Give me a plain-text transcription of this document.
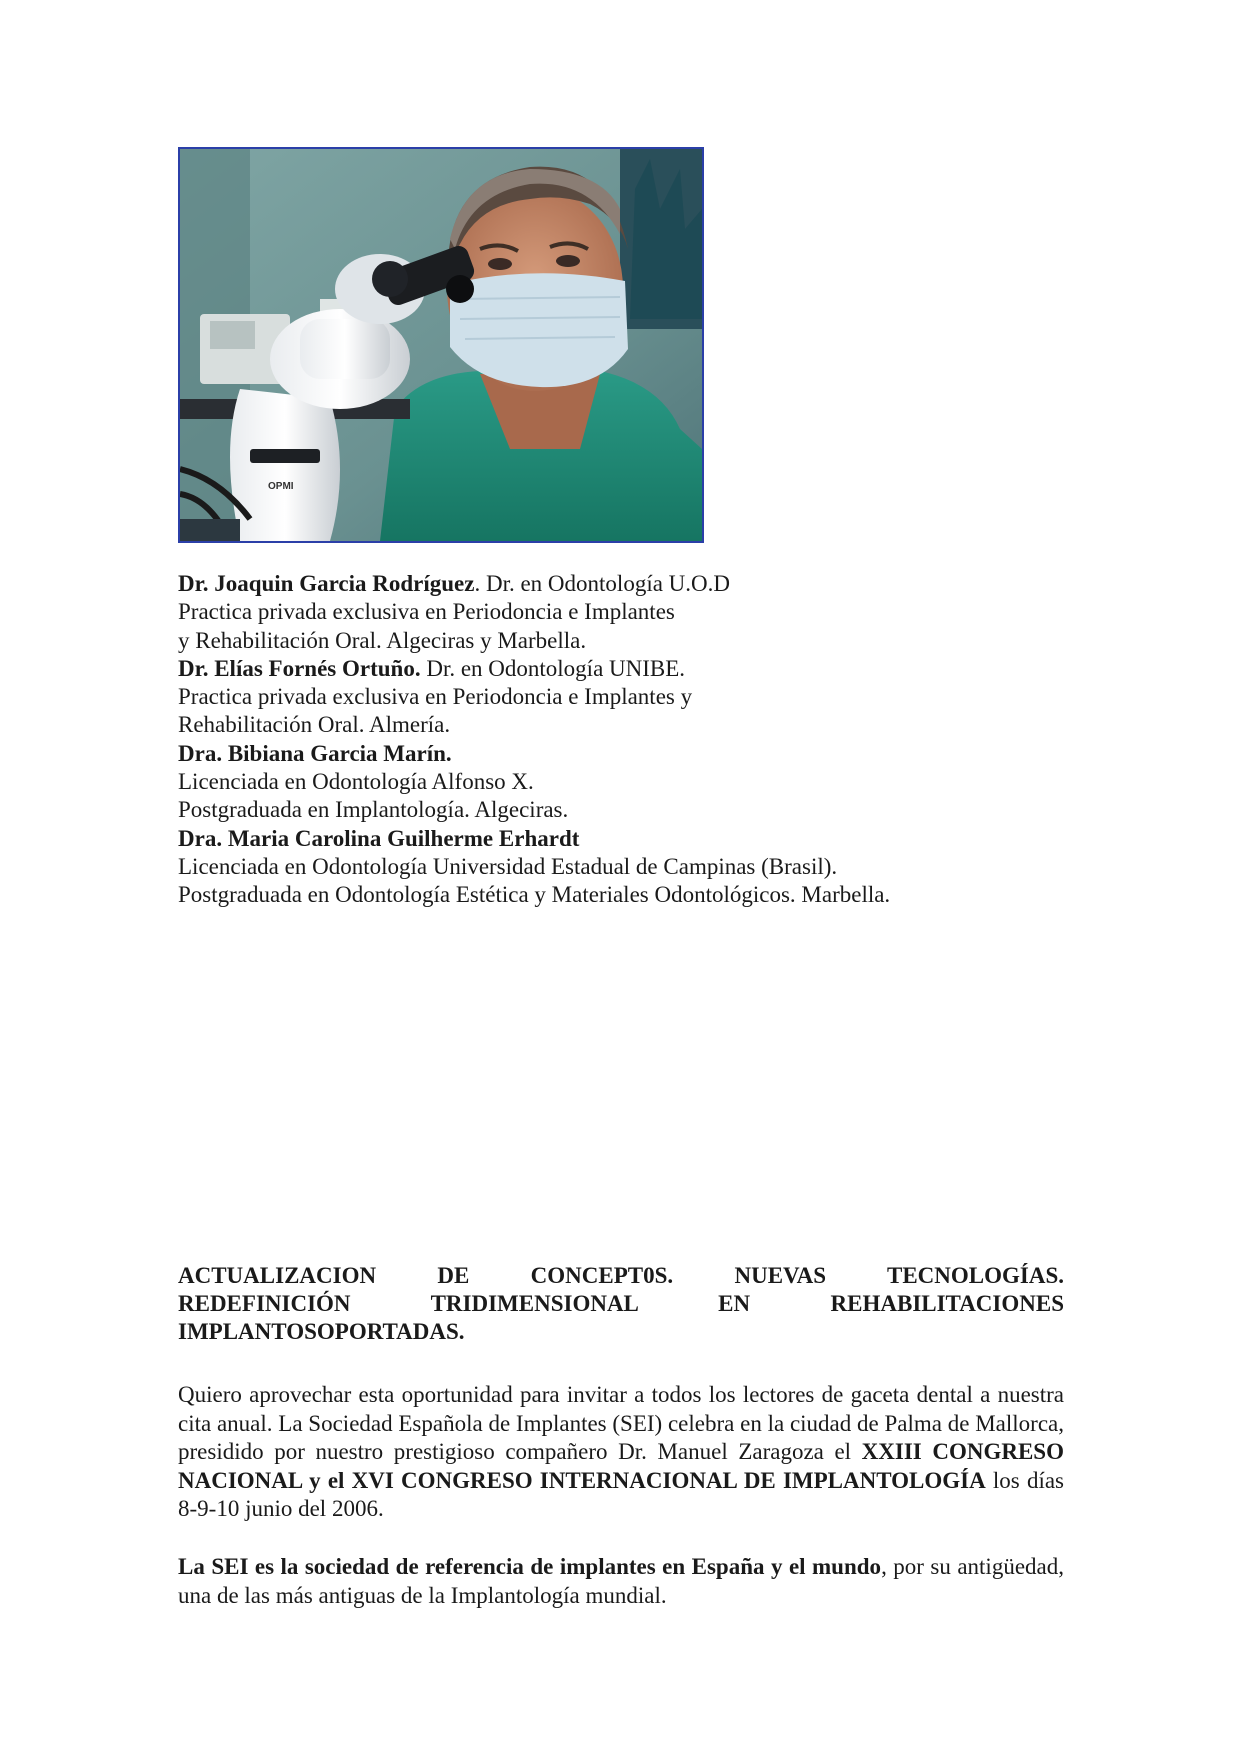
OPMI
Dr. Joaquin Garcia Rodríguez. Dr. en Odontología U.O.D
Practica privada exclusiva en Periodoncia e Implantes
y Rehabilitación Oral. Algeciras y Marbella.
Dr. Elías Fornés Ortuño. Dr. en Odontología UNIBE.
Practica privada exclusiva en Periodoncia e Implantes y
Rehabilitación Oral. Almería.
Dra. Bibiana Garcia Marín.
Licenciada en Odontología Alfonso X.
Postgraduada en Implantología. Algeciras.
Dra. Maria Carolina Guilherme Erhardt
Licenciada en Odontología Universidad Estadual de Campinas (Brasil).
Postgraduada en Odontología Estética y Materiales Odontológicos. Marbella.
ACTUALIZACION DE CONCEPT0S. NUEVAS TECNOLOGÍAS.
REDEFINICIÓN TRIDIMENSIONAL EN REHABILITACIONES
IMPLANTOSOPORTADAS.
Quiero aprovechar esta oportunidad para invitar a todos los lectores de gaceta dental a nuestra cita anual. La Sociedad Española de Implantes (SEI) celebra en la ciudad de Palma de Mallorca, presidido por nuestro prestigioso compañero Dr. Manuel Zaragoza el XXIII CONGRESO NACIONAL y el XVI CONGRESO INTERNACIONAL DE IMPLANTOLOGÍA los días 8-9-10 junio del 2006.
La SEI es la sociedad de referencia de implantes en España y el mundo, por su antigüedad, una de las más antiguas de la Implantología mundial.
